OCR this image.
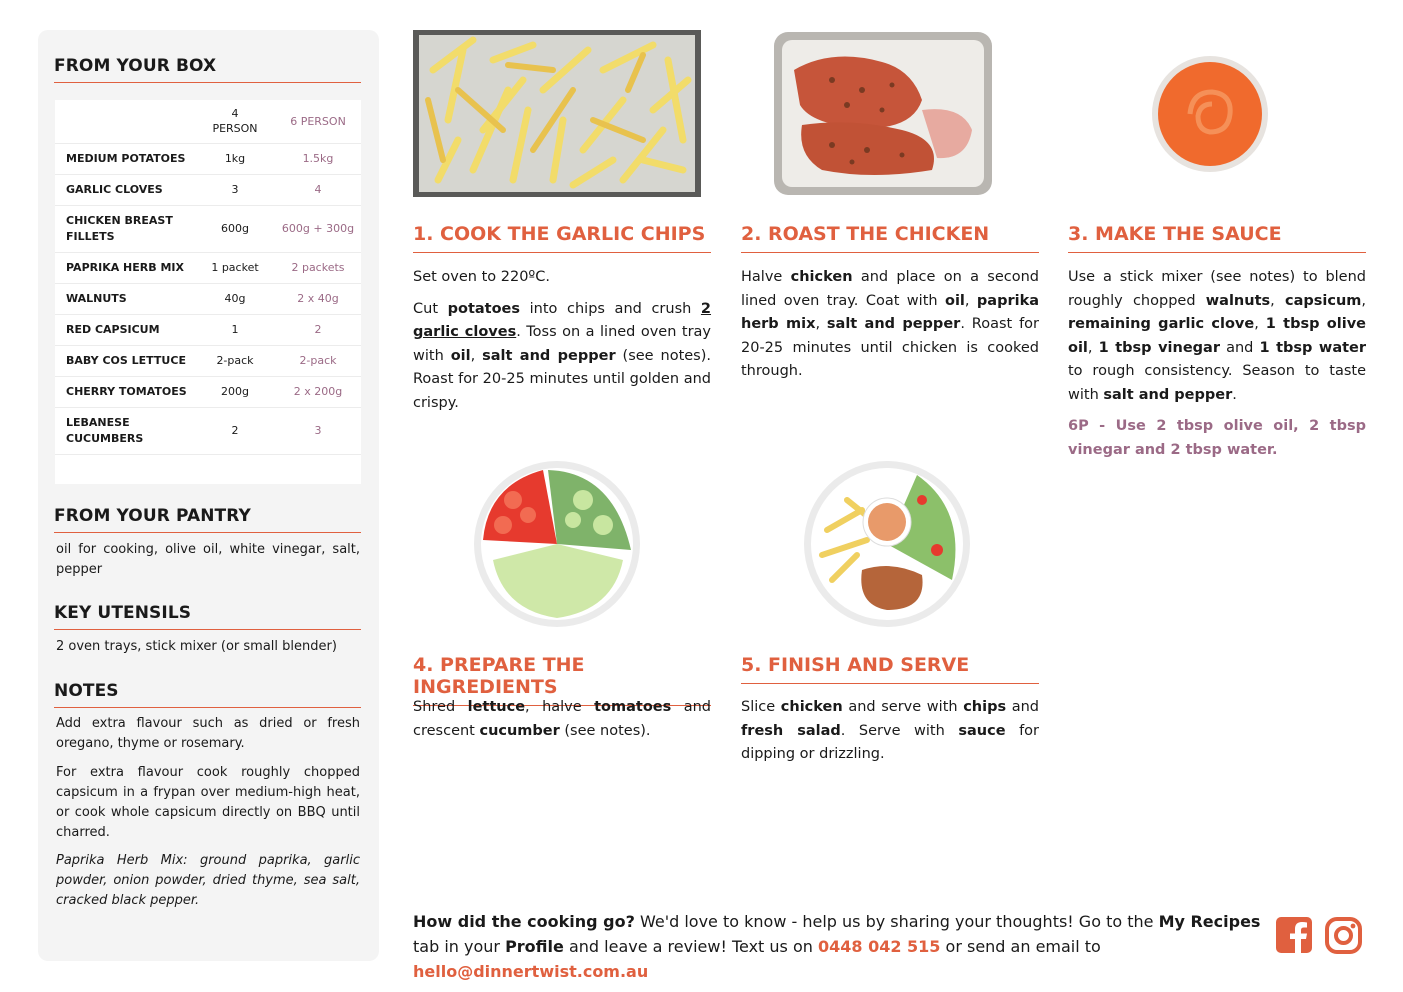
FROM YOUR BOX
	4 PERSON	6 PERSON
MEDIUM POTATOES	1kg	1.5kg
GARLIC CLOVES	3	4
CHICKEN BREAST FILLETS	600g	600g + 300g
PAPRIKA HERB MIX	1 packet	2 packets
WALNUTS	40g	2 x 40g
RED CAPSICUM	1	2
BABY COS LETTUCE	2-pack	2-pack
CHERRY TOMATOES	200g	2 x 200g
LEBANESE CUCUMBERS	2	3

FROM YOUR PANTRY
oil for cooking, olive oil, white vinegar, salt, pepper
KEY UTENSILS
2 oven trays, stick mixer (or small blender)
NOTES
Add extra flavour such as dried or fresh oregano, thyme or rosemary.
For extra flavour cook roughly chopped capsicum in a frypan over medium-high heat, or cook whole capsicum directly on BBQ until charred.
Paprika Herb Mix: ground paprika, garlic powder, onion powder, dried thyme, sea salt, cracked black pepper.
1. COOK THE GARLIC CHIPS

Set oven to 220ºC.

Cut potatoes into chips and crush 2 garlic cloves. Toss on a lined oven tray with oil, salt and pepper (see notes). Roast for 20-25 minutes until golden and crispy.

2. ROAST THE CHICKEN

Halve chicken and place on a second lined oven tray. Coat with oil, paprika herb mix, salt and pepper. Roast for 20-25 minutes until chicken is cooked through.

3. MAKE THE SAUCE

Use a stick mixer (see notes) to blend roughly chopped walnuts, capsicum, remaining garlic clove, 1 tbsp olive oil, 1 tbsp vinegar and 1 tbsp water to rough consistency. Season to taste with salt and pepper.

6P - Use 2 tbsp olive oil, 2 tbsp vinegar and 2 tbsp water.

4. PREPARE THE INGREDIENTS

Shred lettuce, halve tomatoes and crescent cucumber (see notes).

5. FINISH AND SERVE

Slice chicken and serve with chips and fresh salad. Serve with sauce for dipping or drizzling.

How did the cooking go? We'd love to know - help us by sharing your thoughts! Go to the My Recipes tab in your Profile and leave a review! Text us on 0448 042 515 or send an email to hello@dinnertwist.com.au
